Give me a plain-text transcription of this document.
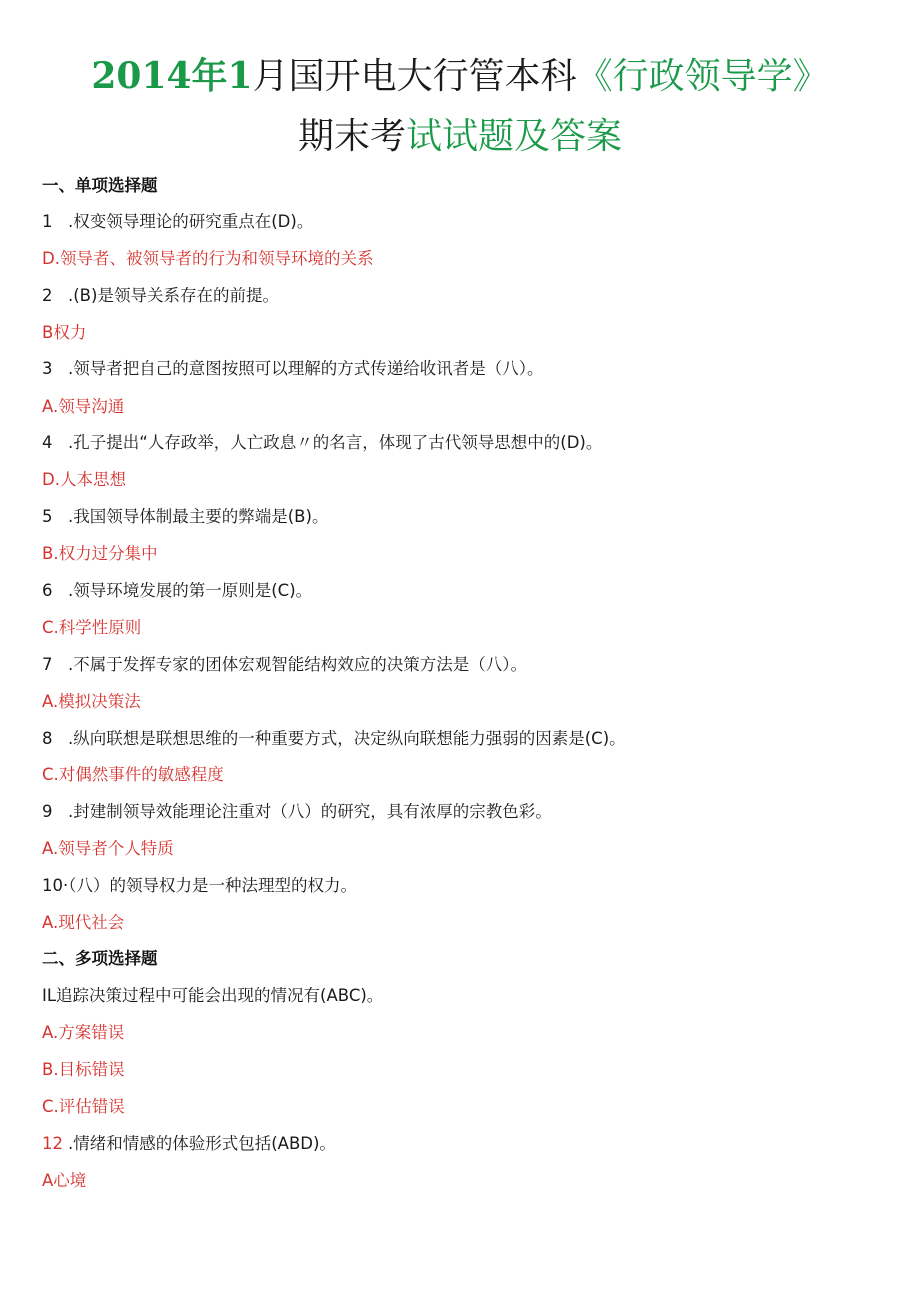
2014年1月国开电大行管本科《行政领导学》
期末考试试题及答案
一、单项选择题
1 .权变领导理论的研究重点在(D)。
D.领导者、被领导者的行为和领导环境的关系
2 .(B)是领导关系存在的前提。
B权力
3 .领导者把自己的意图按照可以理解的方式传递给收讯者是（八）。
A.领导沟通
4 .孔子提出“人存政举，人亡政息〃的名言，体现了古代领导思想中的(D)。
D.人本思想
5 .我国领导体制最主要的弊端是(B)。
B.权力过分集中
6 .领导环境发展的第一原则是(C)。
C.科学性原则
7 .不属于发挥专家的团体宏观智能结构效应的决策方法是（八）。
A.模拟决策法
8 .纵向联想是联想思维的一种重要方式，决定纵向联想能力强弱的因素是(C)。
C.对偶然事件的敏感程度
9 .封建制领导效能理论注重对（八）的研究，具有浓厚的宗教色彩。
A.领导者个人特质
10·（八）的领导权力是一种法理型的权力。
A.现代社会
二、多项选择题
IL追踪决策过程中可能会出现的情况有(ABC)。
A.方案错误
B.目标错误
C.评估错误
12 .情绪和情感的体验形式包括(ABD)。
A心境
